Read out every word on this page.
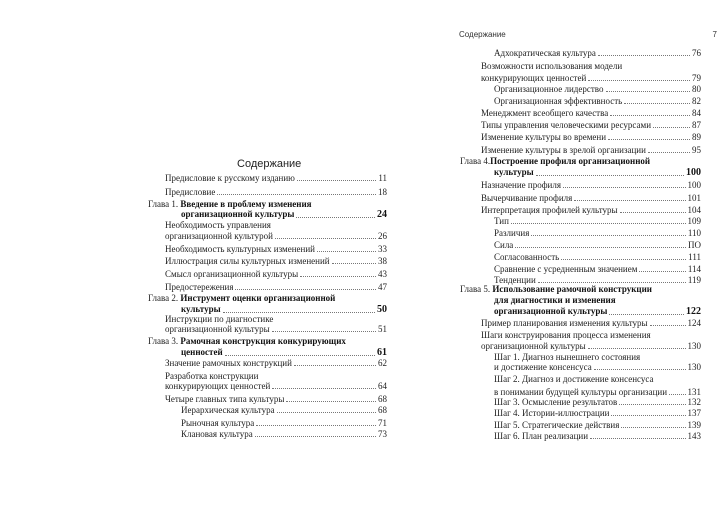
Содержание
Предисловие к русскому изданию	11
Предисловие	18
Глава 1. Введение в проблему изменения
организационной культуры	24
Необходимость управления
организационной культурой	26
Необходимость культурных изменений	33
Иллюстрация силы культурных изменений	38
Смысл организационной культуры	43
Предостережения	47
Глава 2. Инструмент оценки организационной
культуры	50
Инструкции по диагностике
организационной культуры	51
Глава 3. Рамочная конструкция конкурирующих
ценностей	61
Значение рамочных конструкций	62
Разработка конструкции
конкурирующих ценностей	64
Четыре главных типа культуры	68
Иерархическая культура	68
Рыночная культура	71
Клановая культура	73
Содержание	7
Адхократическая культура	76
Возможности использования модели
конкурирующих ценностей	79
Организационное лидерство	80
Организационная эффективность	82
Менеджмент всеобщего качества	84
Типы управления человеческими ресурсами	87
Изменение культуры во времени	89
Изменение культуры в зрелой организации	95
Глава 4.Построение профиля организационной
культуры	100
Назначение профиля	100
Вычерчивание профиля	101
Интерпретация профилей культуры	104
Тип	109
Различия	110
Сила	ПО
Согласованность	111
Сравнение с усредненным значением	114
Тенденции	119
Глава 5. Использование рамочной конструкции
для диагностики и изменения
организационной культуры	122
Пример планирования изменения культуры	124
Шаги конструирования процесса изменения
организационной культуры	130
Шаг 1. Диагноз нынешнего состояния
и достижение консенсуса	130
Шаг 2. Диагноз и достижение консенсуса
в понимании будущей культуры организации 131
Шаг 3. Осмысление результатов	132
Шаг 4. Истории-иллюстрации	137
Шаг 5. Стратегические действия	139
Шаг 6. План реализации	143
